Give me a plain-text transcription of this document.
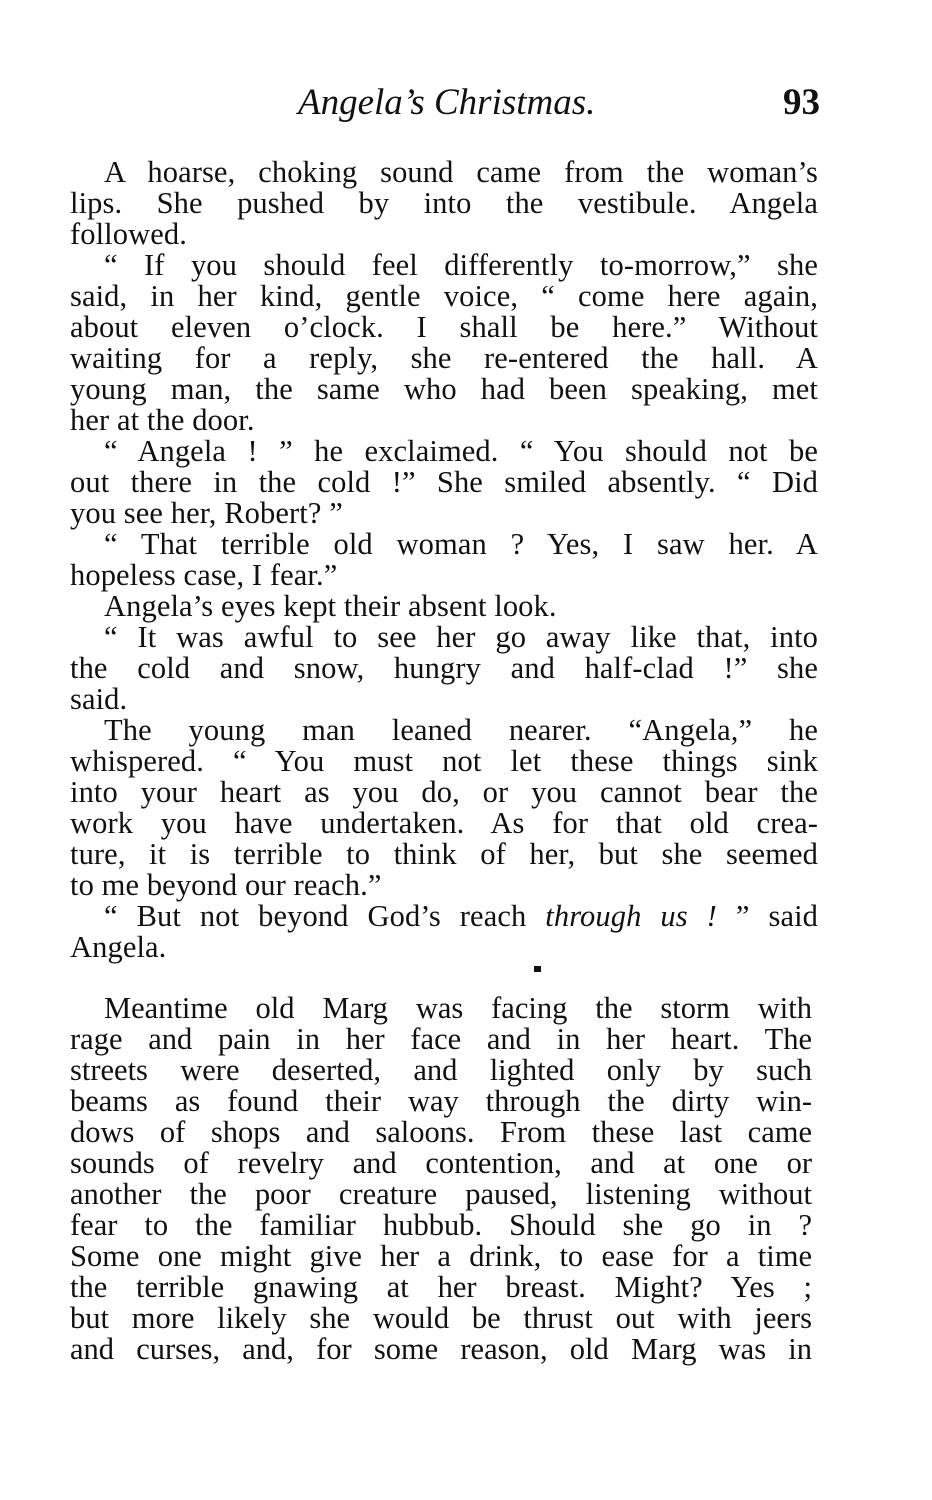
Angela’s Christmas.	93
A hoarse, choking sound came from the woman’s
lips. She pushed by into the vestibule. Angela
followed.
“ If you should feel differently to-morrow,” she
said, in her kind, gentle voice, “ come here again,
about eleven o’clock. I shall be here.” Without
waiting for a reply, she re-entered the hall. A
young man, the same who had been speaking, met
her at the door.
“ Angela ! ” he exclaimed. “ You should not be
out there in the cold !” She smiled absently. “ Did
you see her, Robert? ”
“ That terrible old woman ? Yes, I saw her. A
hopeless case, I fear.”
Angela’s eyes kept their absent look.
“ It was awful to see her go away like that, into
the cold and snow, hungry and half-clad !” she
said.
The young man leaned nearer. “Angela,” he
whispered. “ You must not let these things sink
into your heart as you do, or you cannot bear the
work you have undertaken. As for that old crea-
ture, it is terrible to think of her, but she seemed
to me beyond our reach.”
“ But not beyond God’s reach through us ! ” said
Angela.
Meantime old Marg was facing the storm with
rage and pain in her face and in her heart. The
streets were deserted, and lighted only by such
beams as found their way through the dirty win-
dows of shops and saloons. From these last came
sounds of revelry and contention, and at one or
another the poor creature paused, listening without
fear to the familiar hubbub. Should she go in ?
Some one might give her a drink, to ease for a time
the terrible gnawing at her breast. Might? Yes ;
but more likely she would be thrust out with jeers
and curses, and, for some reason, old Marg was in
